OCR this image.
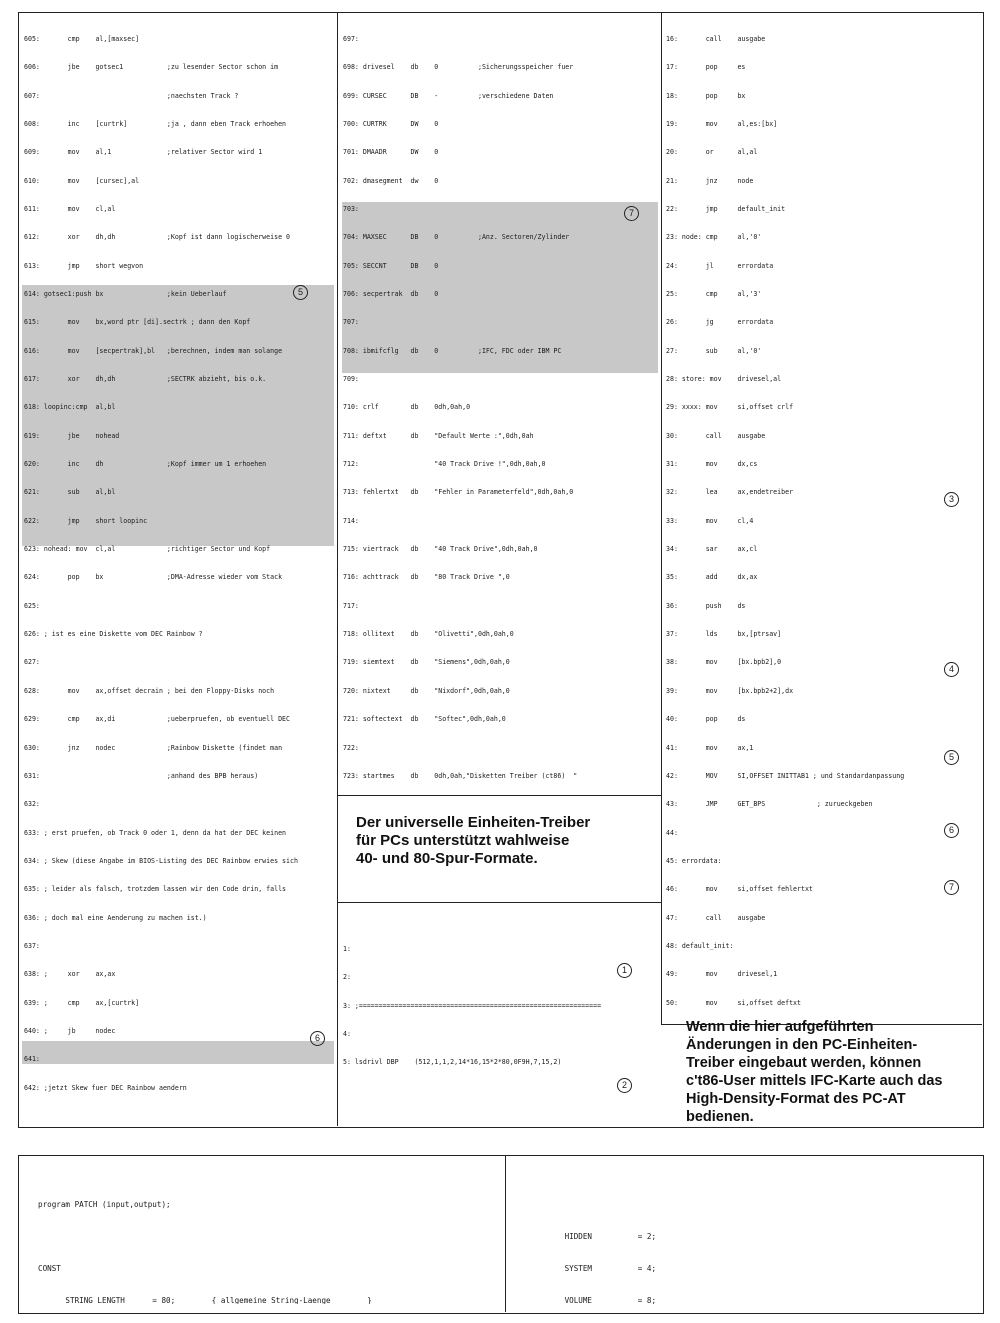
605:       cmp    al,[maxsec]

606:       jbe    gotsec1           ;zu lesender Sector schon im

607:                                ;naechsten Track ?

608:       inc    [curtrk]          ;ja , dann eben Track erhoehen

609:       mov    al,1              ;relativer Sector wird 1

610:       mov    [cursec],al

611:       mov    cl,al

612:       xor    dh,dh             ;Kopf ist dann logischerweise 0

613:       jmp    short wegvon

614: gotsec1:push bx                ;kein Ueberlauf

615:       mov    bx,word ptr [di].sectrk ; dann den Kopf

616:       mov    [secpertrak],bl   ;berechnen, indem man solange

617:       xor    dh,dh             ;SECTRK abzieht, bis o.k.

618: loopinc:cmp  al,bl

619:       jbe    nohead

620:       inc    dh                ;Kopf immer um 1 erhoehen

621:       sub    al,bl

622:       jmp    short loopinc

623: nohead: mov  cl,al             ;richtiger Sector und Kopf

624:       pop    bx                ;DMA-Adresse wieder vom Stack

625:

626: ; ist es eine Diskette vom DEC Rainbow ?

627:

628:       mov    ax,offset decrain ; bei den Floppy-Disks noch

629:       cmp    ax,di             ;ueberpruefen, ob eventuell DEC

630:       jnz    nodec             ;Rainbow Diskette (findet man

631:                                ;anhand des BPB heraus)

632:

633: ; erst pruefen, ob Track 0 oder 1, denn da hat der DEC keinen

634: ; Skew (diese Angabe im BIOS-Listing des DEC Rainbow erwies sich

635: ; leider als falsch, trotzdem lassen wir den Code drin, falls

636: ; doch mal eine Aenderung zu machen ist.)

637:

638: ;     xor    ax,ax

639: ;     cmp    ax,[curtrk]

640: ;     jb     nodec

641:

642: ;jetzt Skew fuer DEC Rainbow aendern

697:

698: drivesel    db    0          ;Sicherungsspeicher fuer

699: CURSEC      DB    -          ;verschiedene Daten

700: CURTRK      DW    0

701: DMAADR      DW    0

702: dmasegment  dw    0

703:

704: MAXSEC      DB    0          ;Anz. Sectoren/Zylinder

705: SECCNT      DB    0

706: secpertrak  db    0

707:

708: ibmifcflg   db    0          ;IFC, FDC oder IBM PC

709:

710: crlf        db    0dh,0ah,0

711: deftxt      db    "Default Werte :",0dh,0ah

712:                   "40 Track Drive !",0dh,0ah,0

713: fehlertxt   db    "Fehler in Parameterfeld",0dh,0ah,0

714:

715: viertrack   db    "40 Track Drive",0dh,0ah,0

716: achttrack   db    "80 Track Drive ",0

717:

718: ollitext    db    "Olivetti",0dh,0ah,0

719: siemtext    db    "Siemens",0dh,0ah,0

720: nixtext     db    "Nixdorf",0dh,0ah,0

721: softectext  db    "Softec",0dh,0ah,0

722:

723: startmes    db    0dh,0ah,"Disketten Treiber (ct86)  "

Der universelle Einheiten-Treiber
für PCs unterstützt wahlweise
40- und 80-Spur-Formate.

1:

2:

3: ;=============================================================

4:

5: lsdrivl DBP    (512,1,1,2,14*16,15*2*80,0F9H,7,15,2)

16:       call    ausgabe

17:       pop     es

18:       pop     bx

19:       mov     al,es:[bx]

20:       or      al,al

21:       jnz     node

22:       jmp     default_init

23: node: cmp     al,'0'

24:       jl      errordata

25:       cmp     al,'3'

26:       jg      errordata

27:       sub     al,'0'

28: store: mov    drivesel,al

29: xxxx: mov     si,offset crlf

30:       call    ausgabe

31:       mov     dx,cs

32:       lea     ax,endetreiber

33:       mov     cl,4

34:       sar     ax,cl

35:       add     dx,ax

36:       push    ds

37:       lds     bx,[ptrsav]

38:       mov     [bx.bpb2],0

39:       mov     [bx.bpb2+2],dx

40:       pop     ds

41:       mov     ax,1

42:       MOV     SI,OFFSET INITTAB1 ; und Standardanpassung

43:       JMP     GET_BPS             ; zurueckgeben

44:

45: errordata:

46:       mov     si,offset fehlertxt

47:       call    ausgabe

48: default_init:

49:       mov     drivesel,1

50:       mov     si,offset deftxt

Wenn die hier aufgeführten
Änderungen in den PC-Einheiten-
Treiber eingebaut werden, können
c't86-User mittels IFC-Karte auch das
High-Density-Format des PC-AT
bedienen.
5
6
7
1
2
3
4
5
6
7

program PATCH (input,output);

CONST

STRING_LENGTH      = 80;        { allgemeine String-Laenge        }

HIDDEN          = 2;

SYSTEM          = 4;

VOLUME          = 8;
